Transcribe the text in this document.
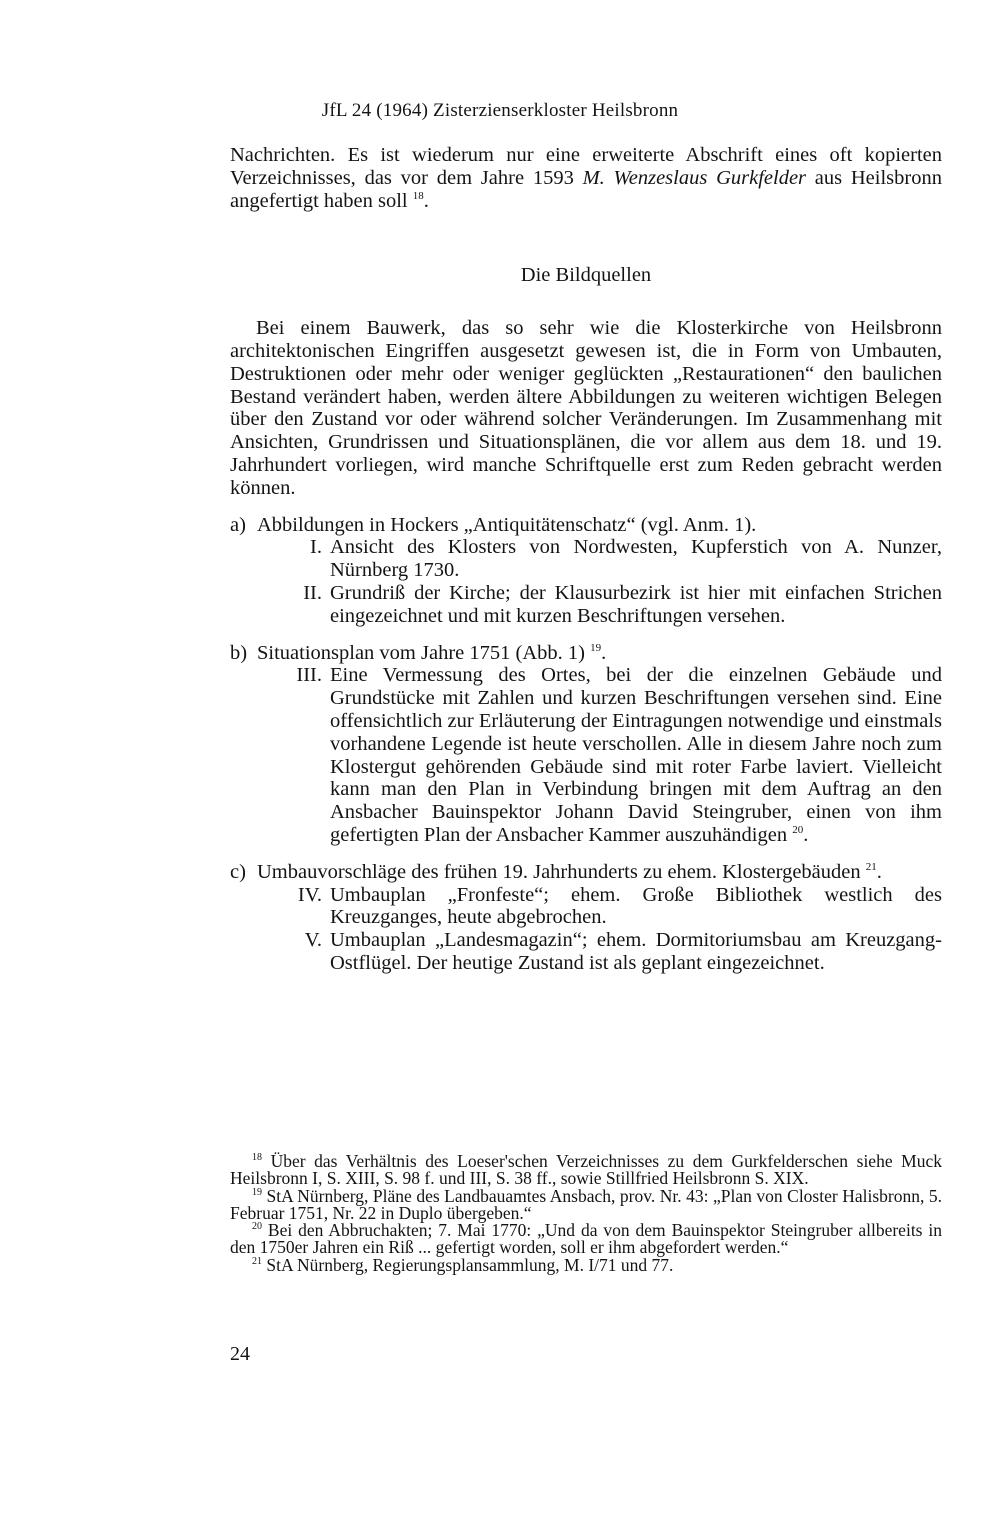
JfL 24 (1964) Zisterzienserkloster Heilsbronn

Nachrichten. Es ist wiederum nur eine erweiterte Abschrift eines oft kopierten Verzeichnisses, das vor dem Jahre 1593 M. Wenzeslaus Gurkfelder aus Heilsbronn angefertigt haben soll $^{18}$.

Die Bildquellen

Bei einem Bauwerk, das so sehr wie die Klosterkirche von Heilsbronn architektonischen Eingriffen ausgesetzt gewesen ist, die in Form von Umbauten, Destruktionen oder mehr oder weniger geglückten „Restaurationen“ den baulichen Bestand verändert haben, werden ältere Abbildungen zu weiteren wichtigen Belegen über den Zustand vor oder während solcher Veränderungen. Im Zusammenhang mit Ansichten, Grundrissen und Situationsplänen, die vor allem aus dem 18. und 19. Jahrhundert vorliegen, wird manche Schriftquelle erst zum Reden gebracht werden können.

a) Abbildungen in Hockers „Antiquitätenschatz“ (vgl. Anm. 1).
I. Ansicht des Klosters von Nordwesten, Kupferstich von A. Nunzer, Nürnberg 1730.
II. Grundriß der Kirche; der Klausurbezirk ist hier mit einfachen Strichen eingezeichnet und mit kurzen Beschriftungen versehen.
b) Situationsplan vom Jahre 1751 (Abb. 1) $^{19}$.
III. Eine Vermessung des Ortes, bei der die einzelnen Gebäude und Grundstücke mit Zahlen und kurzen Beschriftungen versehen sind. Eine offensichtlich zur Erläuterung der Eintragungen notwendige und einstmals vorhandene Legende ist heute verschollen. Alle in diesem Jahre noch zum Klostergut gehörenden Gebäude sind mit roter Farbe laviert. Vielleicht kann man den Plan in Verbindung bringen mit dem Auftrag an den Ansbacher Bauinspektor Johann David Steingruber, einen von ihm gefertigten Plan der Ansbacher Kammer auszuhändigen $^{20}$.
c) Umbauvorschläge des frühen 19. Jahrhunderts zu ehem. Klostergebäuden $^{21}$.
IV. Umbauplan „Fronfeste“; ehem. Große Bibliothek westlich des Kreuzganges, heute abgebrochen.
V. Umbauplan „Landesmagazin“; ehem. Dormitoriumsbau am Kreuzgang-Ostflügel. Der heutige Zustand ist als geplant eingezeichnet.

$^{18}$ Über das Verhältnis des Loeser'schen Verzeichnisses zu dem Gurkfelderschen siehe Muck Heilsbronn I, S. XIII, S. 98 f. und III, S. 38 ff., sowie Stillfried Heilsbronn S. XIX.

$^{19}$ StA Nürnberg, Pläne des Landbauamtes Ansbach, prov. Nr. 43: „Plan von Closter Halisbronn, 5. Februar 1751, Nr. 22 in Duplo übergeben.“

$^{20}$ Bei den Abbruchakten; 7. Mai 1770: „Und da von dem Bauinspektor Steingruber allbereits in den 1750er Jahren ein Riß ... gefertigt worden, soll er ihm abgefordert werden.“

$^{21}$ StA Nürnberg, Regierungsplansammlung, M. I/71 und 77.

24
